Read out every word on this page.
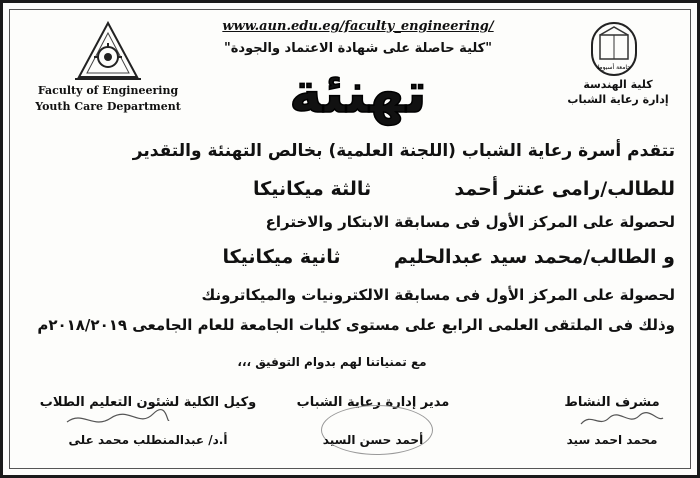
Faculty of Engineering
Youth Care Department
www.aun.edu.eg/faculty_engineering/
"كلية حاصلة على شهادة الاعتماد والجودة"
تهنئة	جامعة أسيوط
كلية الهندسة
إدارة رعاية الشباب
تتقدم أسرة رعاية الشباب (اللجنة العلمية) بخالص التهنئة والتقدير
للطالب/رامى عنتر أحمد  ثالثة ميكانيكا
لحصولة على المركز الأول فى مسابقة الابتكار والاختراع
و الطالب/محمد سيد عبدالحليم  ثانية ميكانيكا
لحصولة على المركز الأول فى مسابقة الالكترونيات والميكاترونك
وذلك فى الملتقى العلمى الرابع على مستوى كليات الجامعة للعام الجامعى ٢٠١٨/٢٠١٩م
مع تمنياتنا لهم بدوام التوفيق ،،،
مشرف النشاط
مدير إدارة رعاية الشباب
وكيل الكلية لشئون التعليم الطلاب
محمد احمد سيد
أحمد حسن السيد
أ.د/ عبدالمنطلب محمد على
